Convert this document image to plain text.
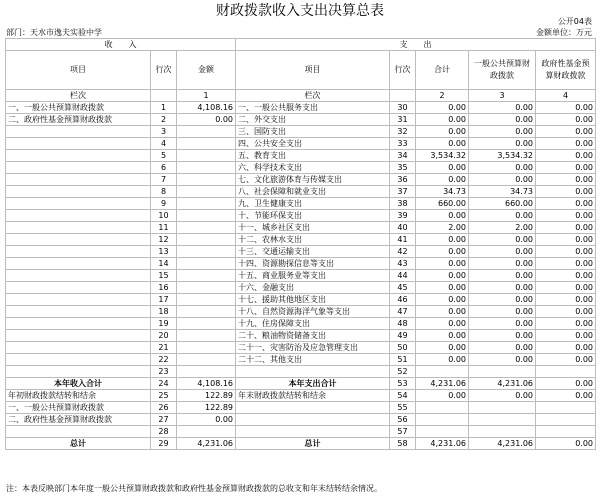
财政拨款收入支出决算总表
公开04表
部门：天水市逸夫实验中学	金额单位：万元
收　　入			支　　出				
项目	行次	金额	项目	行次	合计	一般公共预算财政拨款	政府性基金预算财政拨款
栏次		1	栏次		2	3	4
一、一般公共预算财政拨款	1	4,108.16	一、一般公共服务支出	30	0.00	0.00	0.00
二、政府性基金预算财政拨款	2	0.00	二、外交支出	31	0.00	0.00	0.00
	3		三、国防支出	32	0.00	0.00	0.00
	4		四、公共安全支出	33	0.00	0.00	0.00
	5		五、教育支出	34	3,534.32	3,534.32	0.00
	6		六、科学技术支出	35	0.00	0.00	0.00
	7		七、文化旅游体育与传媒支出	36	0.00	0.00	0.00
	8		八、社会保障和就业支出	37	34.73	34.73	0.00
	9		九、卫生健康支出	38	660.00	660.00	0.00
	10		十、节能环保支出	39	0.00	0.00	0.00
	11		十一、城乡社区支出	40	2.00	2.00	0.00
	12		十二、农林水支出	41	0.00	0.00	0.00
	13		十三、交通运输支出	42	0.00	0.00	0.00
	14		十四、资源勘探信息等支出	43	0.00	0.00	0.00
	15		十五、商业服务业等支出	44	0.00	0.00	0.00
	16		十六、金融支出	45	0.00	0.00	0.00
	17		十七、援助其他地区支出	46	0.00	0.00	0.00
	18		十八、自然资源海洋气象等支出	47	0.00	0.00	0.00
	19		十九、住房保障支出	48	0.00	0.00	0.00
	20		二十、粮油物资储备支出	49	0.00	0.00	0.00
	21		二十一、灾害防治及应急管理支出	50	0.00	0.00	0.00
	22		二十二、其他支出	51	0.00	0.00	0.00
	23			52			
本年收入合计	24	4,108.16	本年支出合计	53	4,231.06	4,231.06	0.00
年初财政拨款结转和结余	25	122.89	年末财政拨款结转和结余	54	0.00	0.00	0.00
一、一般公共预算财政拨款	26	122.89		55			
二、政府性基金预算财政拨款	27	0.00		56			
	28			57			
总计	29	4,231.06	总计	58	4,231.06	4,231.06	0.00
注：本表反映部门本年度一般公共预算财政拨款和政府性基金预算财政拨款的总收支和年末结转结余情况。
